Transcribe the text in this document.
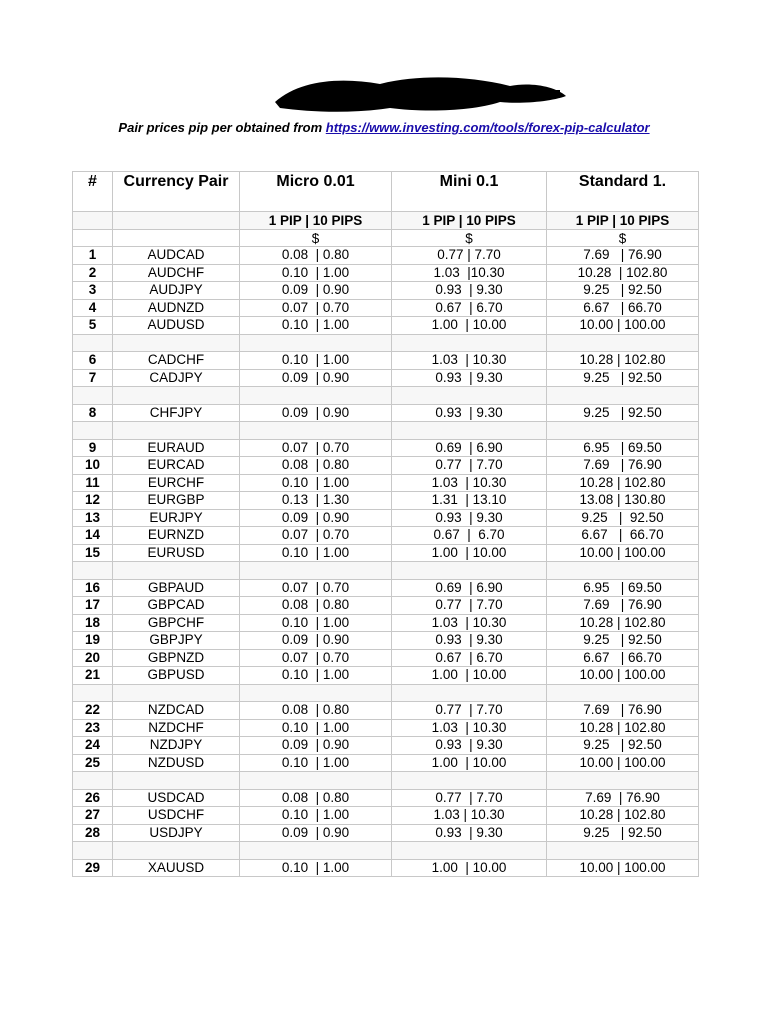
Pair prices pip per obtained from https://www.investing.com/tools/forex-pip-calculator
#	Currency Pair	Micro 0.01	Mini 0.1	Standard 1.
		1 PIP | 10 PIPS	1 PIP | 10 PIPS	1 PIP | 10 PIPS
		$	$	$
1	AUDCAD	0.08  | 0.80	0.77 | 7.70	7.69   | 76.90
2	AUDCHF	0.10  | 1.00	1.03  |10.30	10.28  | 102.80
3	AUDJPY	0.09  | 0.90	0.93  | 9.30	9.25   | 92.50
4	AUDNZD	0.07  | 0.70	0.67  | 6.70	6.67   | 66.70
5	AUDUSD	0.10  | 1.00	1.00  | 10.00	10.00 | 100.00

6	CADCHF	0.10  | 1.00	1.03  | 10.30	10.28 | 102.80
7	CADJPY	0.09  | 0.90	0.93  | 9.30	9.25   | 92.50

8	CHFJPY	0.09  | 0.90	0.93  | 9.30	9.25   | 92.50

9	EURAUD	0.07  | 0.70	0.69  | 6.90	6.95   | 69.50
10	EURCAD	0.08  | 0.80	0.77  | 7.70	7.69   | 76.90
11	EURCHF	0.10  | 1.00	1.03  | 10.30	10.28 | 102.80
12	EURGBP	0.13  | 1.30	1.31  | 13.10	13.08 | 130.80
13	EURJPY	0.09  | 0.90	0.93  | 9.30	9.25   |  92.50
14	EURNZD	0.07  | 0.70	0.67  |  6.70	6.67   |  66.70
15	EURUSD	0.10  | 1.00	1.00  | 10.00	10.00 | 100.00

16	GBPAUD	0.07  | 0.70	0.69  | 6.90	6.95   | 69.50
17	GBPCAD	0.08  | 0.80	0.77  | 7.70	7.69   | 76.90
18	GBPCHF	0.10  | 1.00	1.03  | 10.30	10.28 | 102.80
19	GBPJPY	0.09  | 0.90	0.93  | 9.30	9.25   | 92.50
20	GBPNZD	0.07  | 0.70	0.67  | 6.70	6.67   | 66.70
21	GBPUSD	0.10  | 1.00	1.00  | 10.00	10.00 | 100.00

22	NZDCAD	0.08  | 0.80	0.77  | 7.70	7.69   | 76.90
23	NZDCHF	0.10  | 1.00	1.03  | 10.30	10.28 | 102.80
24	NZDJPY	0.09  | 0.90	0.93  | 9.30	9.25   | 92.50
25	NZDUSD	0.10  | 1.00	1.00  | 10.00	10.00 | 100.00

26	USDCAD	0.08  | 0.80	0.77  | 7.70	7.69  | 76.90
27	USDCHF	0.10  | 1.00	1.03 | 10.30	10.28 | 102.80
28	USDJPY	0.09  | 0.90	0.93  | 9.30	9.25   | 92.50

29	XAUUSD	0.10  | 1.00	1.00  | 10.00	10.00 | 100.00
